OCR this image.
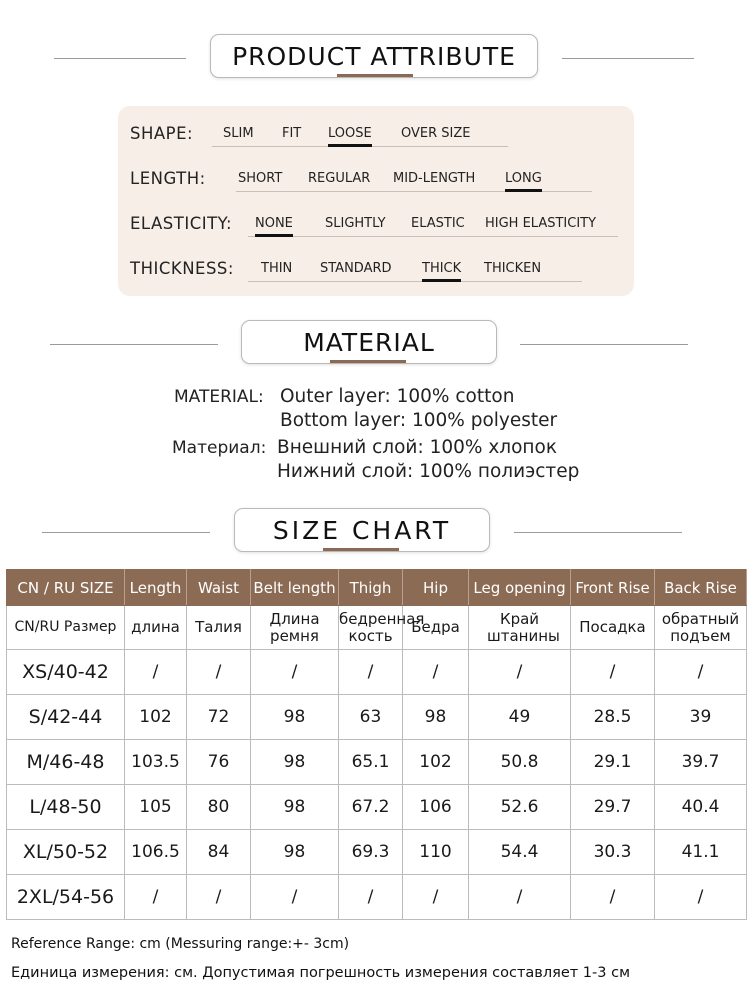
PRODUCT ATTRIBUTE
SHAPE: SLIM FIT LOOSE OVER SIZE
LENGTH: SHORT REGULAR MID-LENGTH LONG
ELASTICITY: NONE SLIGHTLY ELASTIC HIGH ELASTICITY
THICKNESS: THIN STANDARD THICK THICKEN
MATERIAL
MATERIAL: Outer layer: 100% cotton
Bottom layer: 100% polyester
Материал: Внешний слой: 100% хлопок
Нижний слой: 100% полиэстер
SIZE CHART
CN / RU SIZE	Length	Waist	Belt length	Thigh	Hip	Leg opening	Front Rise	Back Rise
CN/RU Размер	длина	Талия	Длина ремня	бедренная кость	Бедра	Край штанины	Посадка	обратный подъем
XS/40-42	/	/	/	/	/	/	/	/
S/42-44	102	72	98	63	98	49	28.5	39
M/46-48	103.5	76	98	65.1	102	50.8	29.1	39.7
L/48-50	105	80	98	67.2	106	52.6	29.7	40.4
XL/50-52	106.5	84	98	69.3	110	54.4	30.3	41.1
2XL/54-56	/	/	/	/	/	/	/	/
Reference Range: cm (Messuring range:+- 3cm)
Единица измерения: см. Допустимая погрешность измерения составляет 1-3 см
